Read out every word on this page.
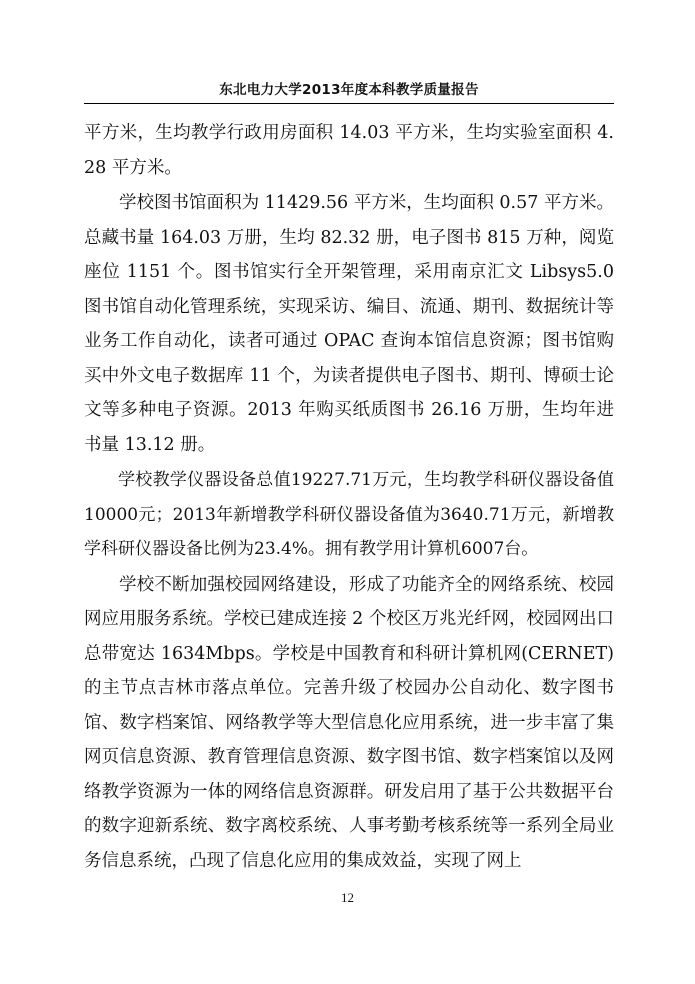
东北电力大学2013年度本科教学质量报告

平方米，生均教学行政用房面积 14.03 平方米，生均实验室面积 4.28 平方米。

学校图书馆面积为 11429.56 平方米，生均面积 0.57 平方米。总藏书量 164.03 万册，生均 82.32 册，电子图书 815 万种，阅览座位 1151 个。图书馆实行全开架管理，采用南京汇文 Libsys5.0 图书馆自动化管理系统，实现采访、编目、流通、期刊、数据统计等业务工作自动化，读者可通过 OPAC 查询本馆信息资源；图书馆购买中外文电子数据库 11 个，为读者提供电子图书、期刊、博硕士论文等多种电子资源。2013 年购买纸质图书 26.16 万册，生均年进书量 13.12 册。

学校教学仪器设备总值19227.71万元，生均教学科研仪器设备值10000元；2013年新增教学科研仪器设备值为3640.71万元，新增教学科研仪器设备比例为23.4%。拥有教学用计算机6007台。

学校不断加强校园网络建设，形成了功能齐全的网络系统、校园网应用服务系统。学校已建成连接 2 个校区万兆光纤网，校园网出口总带宽达 1634Mbps。学校是中国教育和科研计算机网(CERNET)的主节点吉林市落点单位。完善升级了校园办公自动化、数字图书馆、数字档案馆、网络教学等大型信息化应用系统，进一步丰富了集网页信息资源、教育管理信息资源、数字图书馆、数字档案馆以及网络教学资源为一体的网络信息资源群。研发启用了基于公共数据平台的数字迎新系统、数字离校系统、人事考勤考核系统等一系列全局业务信息系统，凸现了信息化应用的集成效益，实现了网上

12
